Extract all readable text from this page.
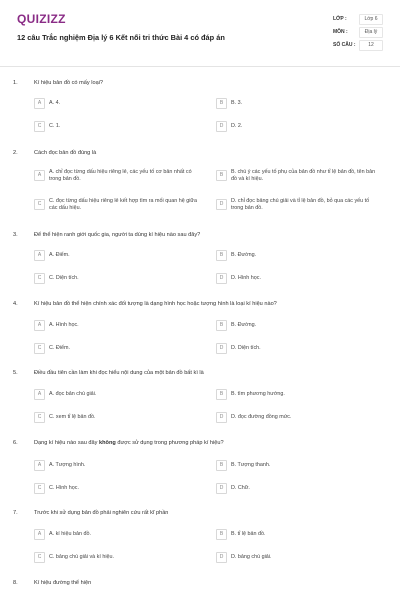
QUIZIZZ
12 câu Trắc nghiệm Địa lý 6 Kết nối tri thức Bài 4 có đáp án
LỚP :	Lớp 6
MÔN :	Địa lý
SỐ CÂU :	12
1.	Kí hiệu bản đồ có mấy loại?
A	A. 4.	B	B. 3.
C	C. 1.	D	D. 2.
2.	Cách đọc bản đồ đúng là
A	A. chỉ đọc từng dấu hiệu riêng lẻ, các yếu tố cơ bản nhất có trong bản đồ.
B	B. chú ý các yếu tố phụ của bản đồ như tỉ lệ bản đồ, tên bản đồ và kí hiệu.
C	C. đọc từng dấu hiệu riêng lẻ kết hợp tìm ra mối quan hệ giữa các dấu hiệu.
D	D. chỉ đọc bảng chú giải và tỉ lệ bản đồ, bỏ qua các yếu tố trong bản đồ.
3.	Để thể hiện ranh giới quốc gia, người ta dùng kí hiệu nào sau đây?
A	A. Điểm.	B	B. Đường.
C	C. Diện tích.	D	D. Hình học.
4.	Kí hiệu bản đồ thể hiện chính xác đối tượng là dạng hình học hoặc tượng hình là loại kí hiệu nào?
A	A. Hình học.	B	B. Đường.
C	C. Điểm.	D	D. Diện tích.
5.	Điều đầu tiên cần làm khi đọc hiểu nội dung của một bản đồ bất kì là
A	A. đọc bản chú giải.	B	B. tìm phương hướng.
C	C. xem tỉ lệ bản đồ.	D	D. đọc đường đồng mức.
6.	Dạng kí hiệu nào sau đây không được sử dụng trong phương pháp kí hiệu?
A	A. Tượng hình.	B	B. Tượng thanh.
C	C. Hình học.	D	D. Chữ.
7.	Trước khi sử dụng bản đồ phải nghiên cứu rất kĩ phần
A	A. kí hiệu bản đồ.	B	B. tỉ lệ bản đồ.
C	C. bảng chú giải và kí hiệu.	D	D. bảng chú giải.
8.	Kí hiệu đường thể hiện
